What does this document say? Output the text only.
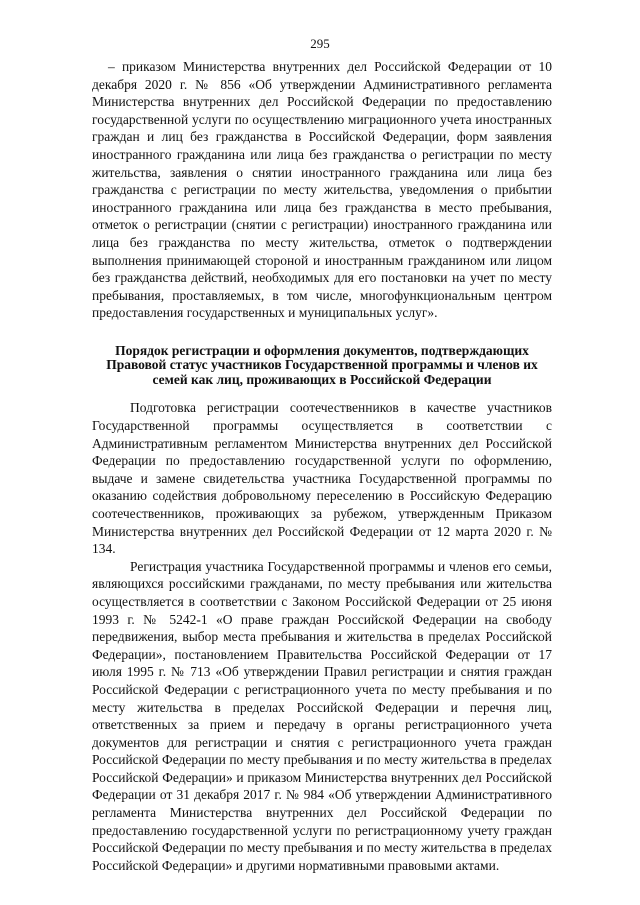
295

– приказом Министерства внутренних дел Российской Федерации от 10 декабря 2020 г. № 856 «Об утверждении Административного регламента Министерства внутренних дел Российской Федерации по предоставлению государственной услуги по осуществлению миграционного учета иностранных граждан и лиц без гражданства в Российской Федерации, форм заявления иностранного гражданина или лица без гражданства о регистрации по месту жительства, заявления о снятии иностранного гражданина или лица без гражданства с регистрации по месту жительства, уведомления о прибытии иностранного гражданина или лица без гражданства в место пребывания, отметок о регистрации (снятии с регистрации) иностранного гражданина или лица без гражданства по месту жительства, отметок о подтверждении выполнения принимающей стороной и иностранным гражданином или лицом без гражданства действий, необходимых для его постановки на учет по месту пребывания, проставляемых, в том числе, многофункциональным центром предоставления государственных и муниципальных услуг».

Порядок регистрации и оформления документов, подтверждающих Правовой статус участников Государственной программы и членов их семей как лиц, проживающих в Российской Федерации

Подготовка регистрации соотечественников в качестве участников Государственной программы осуществляется в соответствии с Административным регламентом Министерства внутренних дел Российской Федерации по предоставлению государственной услуги по оформлению, выдаче и замене свидетельства участника Государственной программы по оказанию содействия добровольному переселению в Российскую Федерацию соотечественников, проживающих за рубежом, утвержденным Приказом Министерства внутренних дел Российской Федерации от 12 марта 2020 г. № 134.

Регистрация участника Государственной программы и членов его семьи, являющихся российскими гражданами, по месту пребывания или жительства осуществляется в соответствии с Законом Российской Федерации от 25 июня 1993 г. № 5242-1 «О праве граждан Российской Федерации на свободу передвижения, выбор места пребывания и жительства в пределах Российской Федерации», постановлением Правительства Российской Федерации от 17 июля 1995 г. № 713 «Об утверждении Правил регистрации и снятия граждан Российской Федерации с регистрационного учета по месту пребывания и по месту жительства в пределах Российской Федерации и перечня лиц, ответственных за прием и передачу в органы регистрационного учета документов для регистрации и снятия с регистрационного учета граждан Российской Федерации по месту пребывания и по месту жительства в пределах Российской Федерации» и приказом Министерства внутренних дел Российской Федерации от 31 декабря 2017 г. № 984 «Об утверждении Административного регламента Министерства внутренних дел Российской Федерации по предоставлению государственной услуги по регистрационному учету граждан Российской Федерации по месту пребывания и по месту жительства в пределах Российской Федерации» и другими нормативными правовыми актами.
